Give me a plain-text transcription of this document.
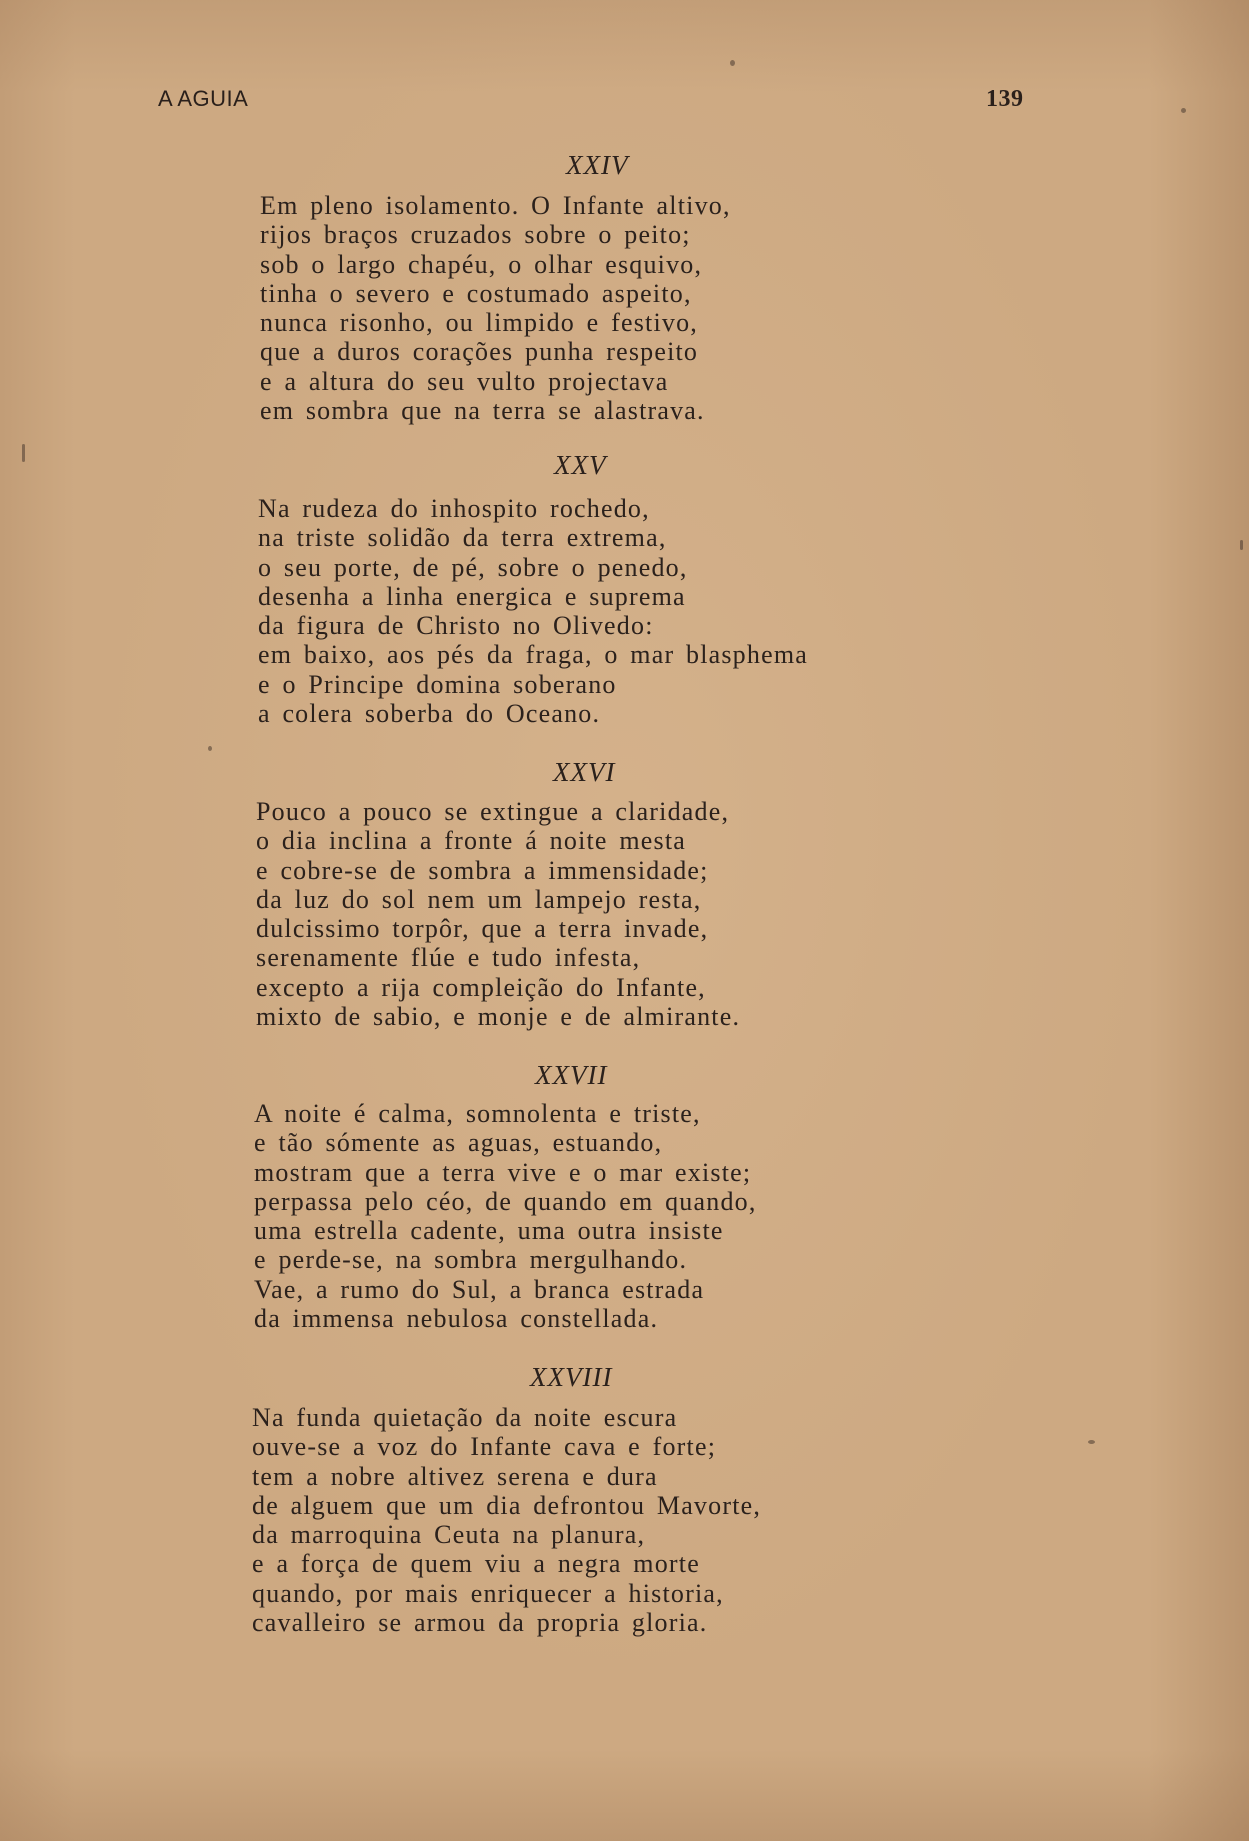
A AGUIA	139
XXIV
Em pleno isolamento. O Infante altivo,
rijos braços cruzados sobre o peito;
sob o largo chapéu, o olhar esquivo,
tinha o severo e costumado aspeito,
nunca risonho, ou limpido e festivo,
que a duros corações punha respeito
e a altura do seu vulto projectava
em sombra que na terra se alastrava.
XXV
Na rudeza do inhospito rochedo,
na triste solidão da terra extrema,
o seu porte, de pé, sobre o penedo,
desenha a linha energica e suprema
da figura de Christo no Olivedo:
em baixo, aos pés da fraga, o mar blasphema
e o Principe domina soberano
a colera soberba do Oceano.
XXVI
Pouco a pouco se extingue a claridade,
o dia inclina a fronte á noite mesta
e cobre-se de sombra a immensidade;
da luz do sol nem um lampejo resta,
dulcissimo torpôr, que a terra invade,
serenamente flúe e tudo infesta,
excepto a rija compleição do Infante,
mixto de sabio, e monje e de almirante.
XXVII
A noite é calma, somnolenta e triste,
e tão sómente as aguas, estuando,
mostram que a terra vive e o mar existe;
perpassa pelo céo, de quando em quando,
uma estrella cadente, uma outra insiste
e perde-se, na sombra mergulhando.
Vae, a rumo do Sul, a branca estrada
da immensa nebulosa constellada.
XXVIII
Na funda quietação da noite escura
ouve-se a voz do Infante cava e forte;
tem a nobre altivez serena e dura
de alguem que um dia defrontou Mavorte,
da marroquina Ceuta na planura,
e a força de quem viu a negra morte
quando, por mais enriquecer a historia,
cavalleiro se armou da propria gloria.
